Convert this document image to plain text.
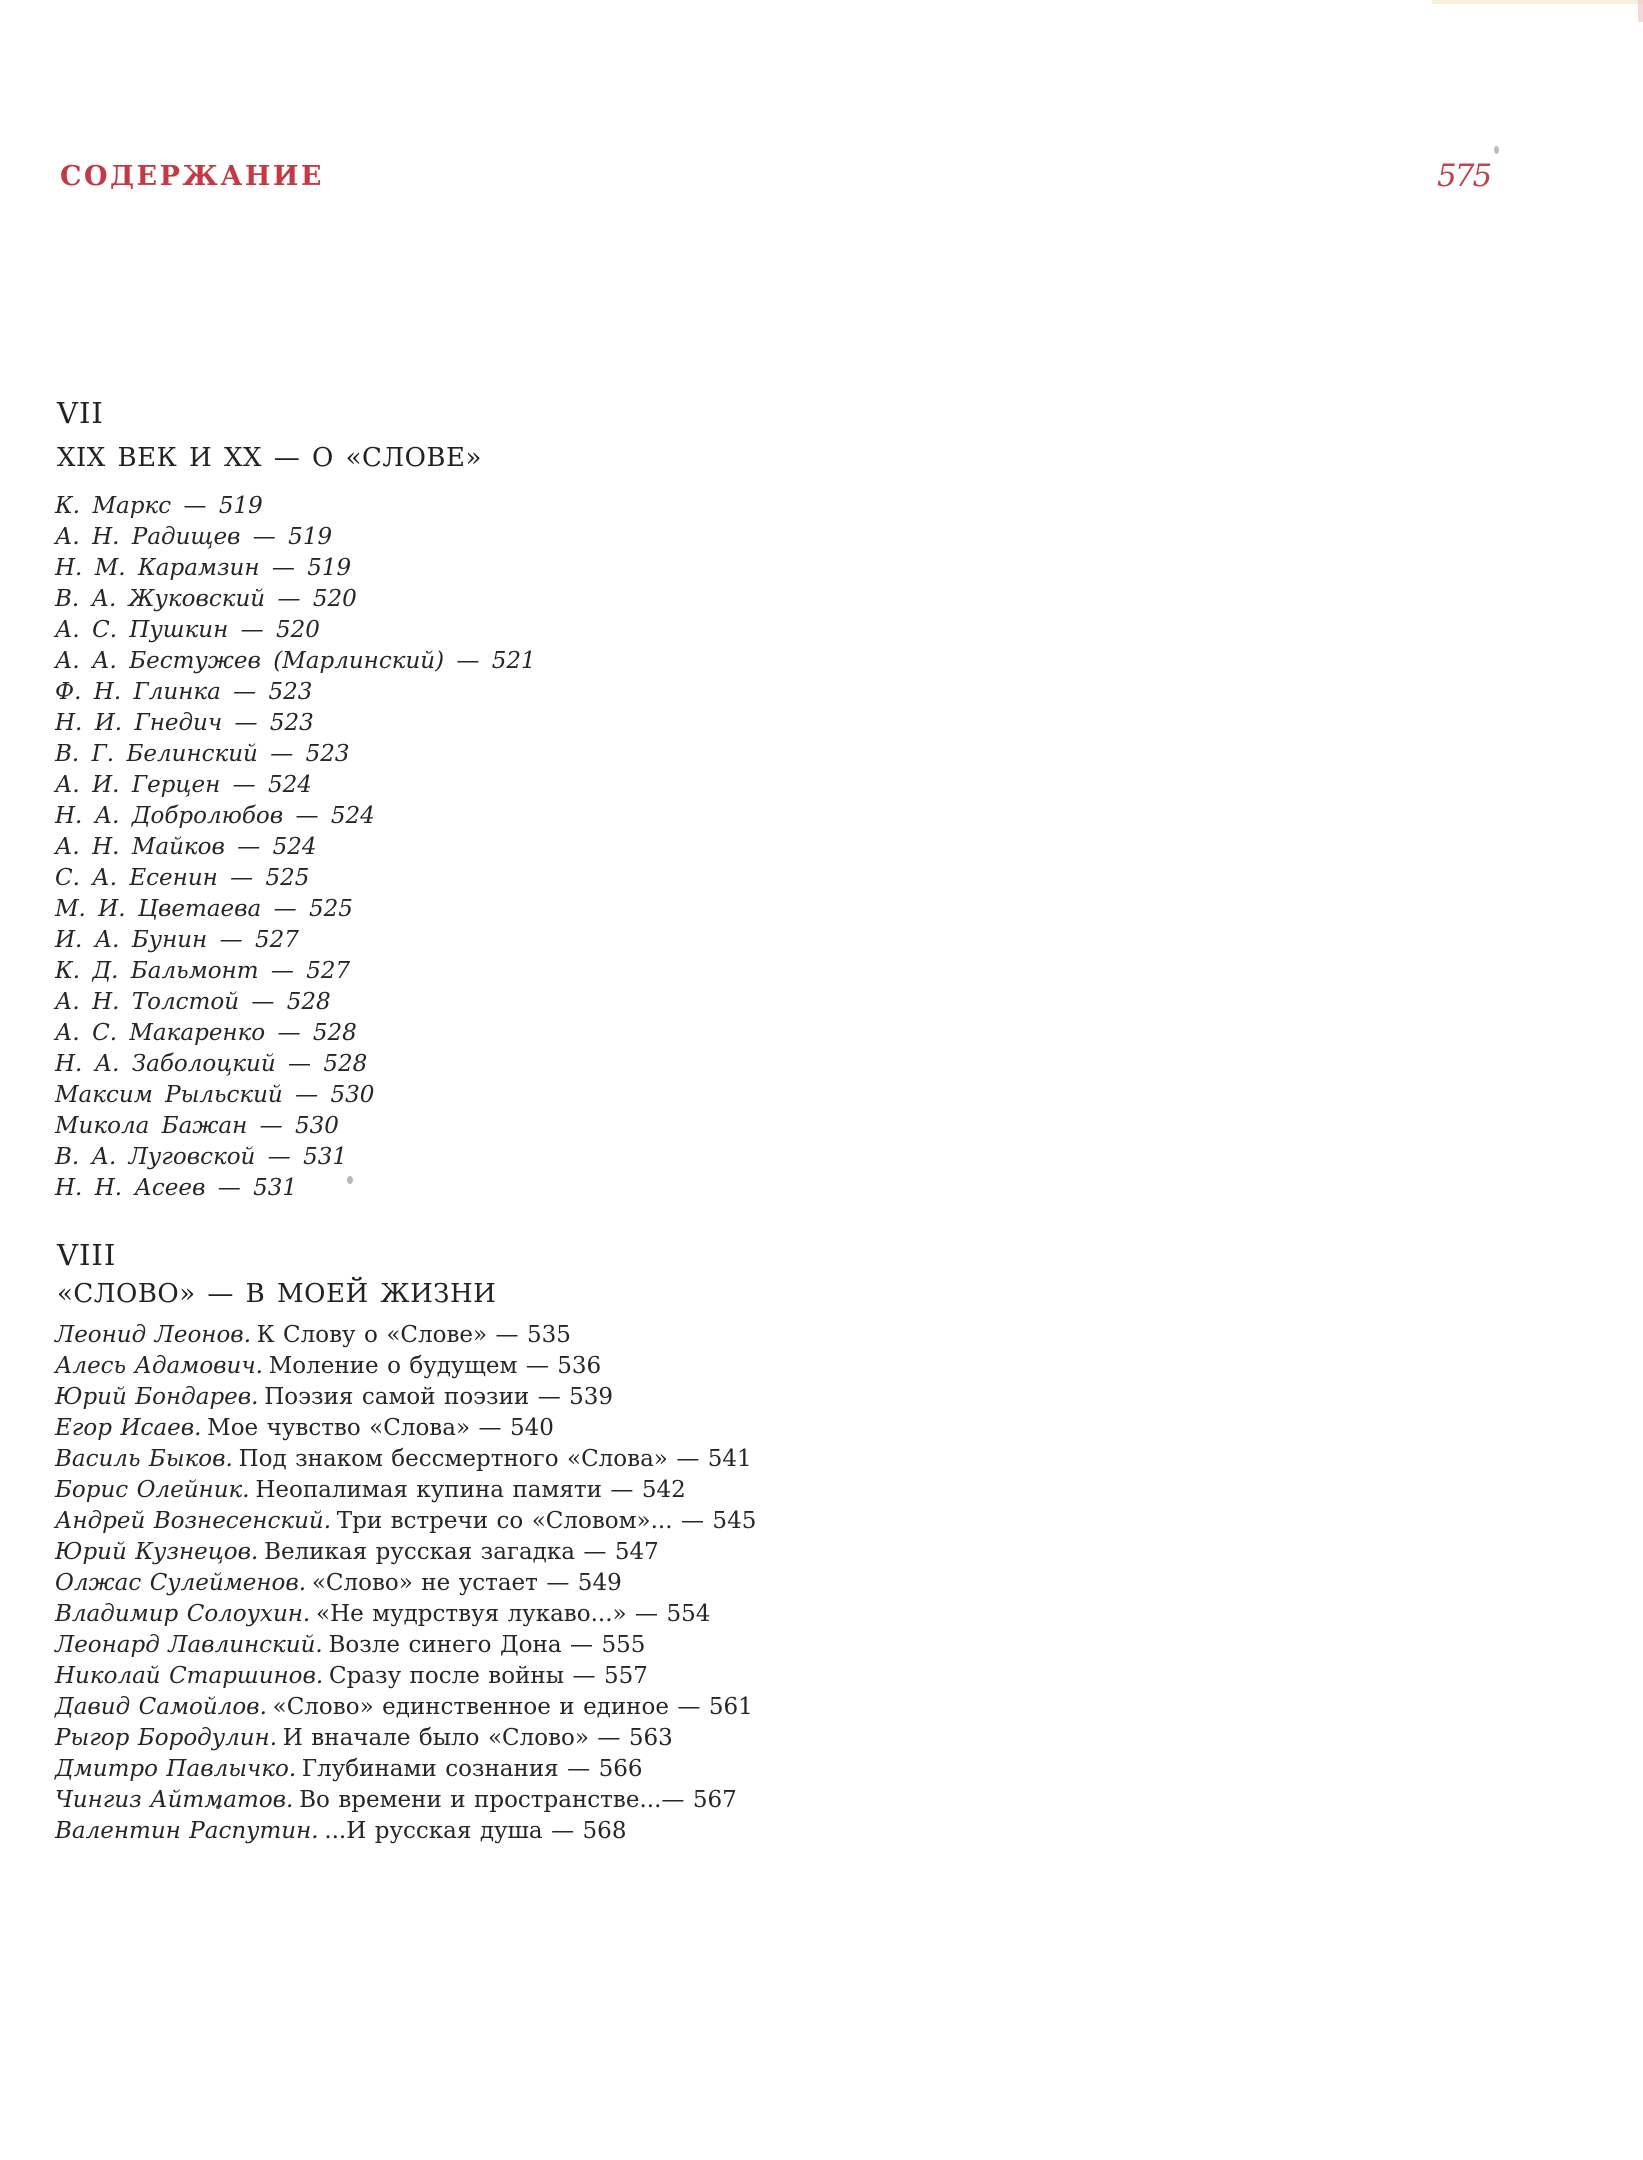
СОДЕРЖАНИЕ	575
VII
XIX ВЕК И XX — О «СЛОВЕ»
К. Маркс — 519
А. Н. Радищев — 519
Н. М. Карамзин — 519
В. А. Жуковский — 520
А. С. Пушкин — 520
А. А. Бестужев (Марлинский) — 521
Ф. Н. Глинка — 523
Н. И. Гнедич — 523
В. Г. Белинский — 523
А. И. Герцен — 524
Н. А. Добролюбов — 524
А. Н. Майков — 524
С. А. Есенин — 525
М. И. Цветаева — 525
И. А. Бунин — 527
К. Д. Бальмонт — 527
А. Н. Толстой — 528
А. С. Макаренко — 528
Н. А. Заболоцкий — 528
Максим Рыльский — 530
Микола Бажан — 530
В. А. Луговской — 531
Н. Н. Асеев — 531
VIII
«СЛОВО» — В МОЕЙ ЖИЗНИ
Леонид Леонов. К Слову о «Слове» — 535
Алесь Адамович. Моление о будущем — 536
Юрий Бондарев. Поэзия самой поэзии — 539
Егор Исаев. Мое чувство «Слова» — 540
Василь Быков. Под знаком бессмертного «Слова» — 541
Борис Олейник. Неопалимая купина памяти — 542
Андрей Вознесенский. Три встречи со «Словом»... — 545
Юрий Кузнецов. Великая русская загадка — 547
Олжас Сулейменов. «Слово» не устает — 549
Владимир Солоухин. «Не мудрствуя лукаво...» — 554
Леонард Лавлинский. Возле синего Дона — 555
Николай Старшинов. Сразу после войны — 557
Давид Самойлов. «Слово» единственное и единое — 561
Рыгор Бородулин. И вначале было «Слово» — 563
Дмитро Павлычко. Глубинами сознания — 566
Чингиз Айтматов. Во времени и пространстве...— 567
Валентин Распутин. ...И русская душа — 568
